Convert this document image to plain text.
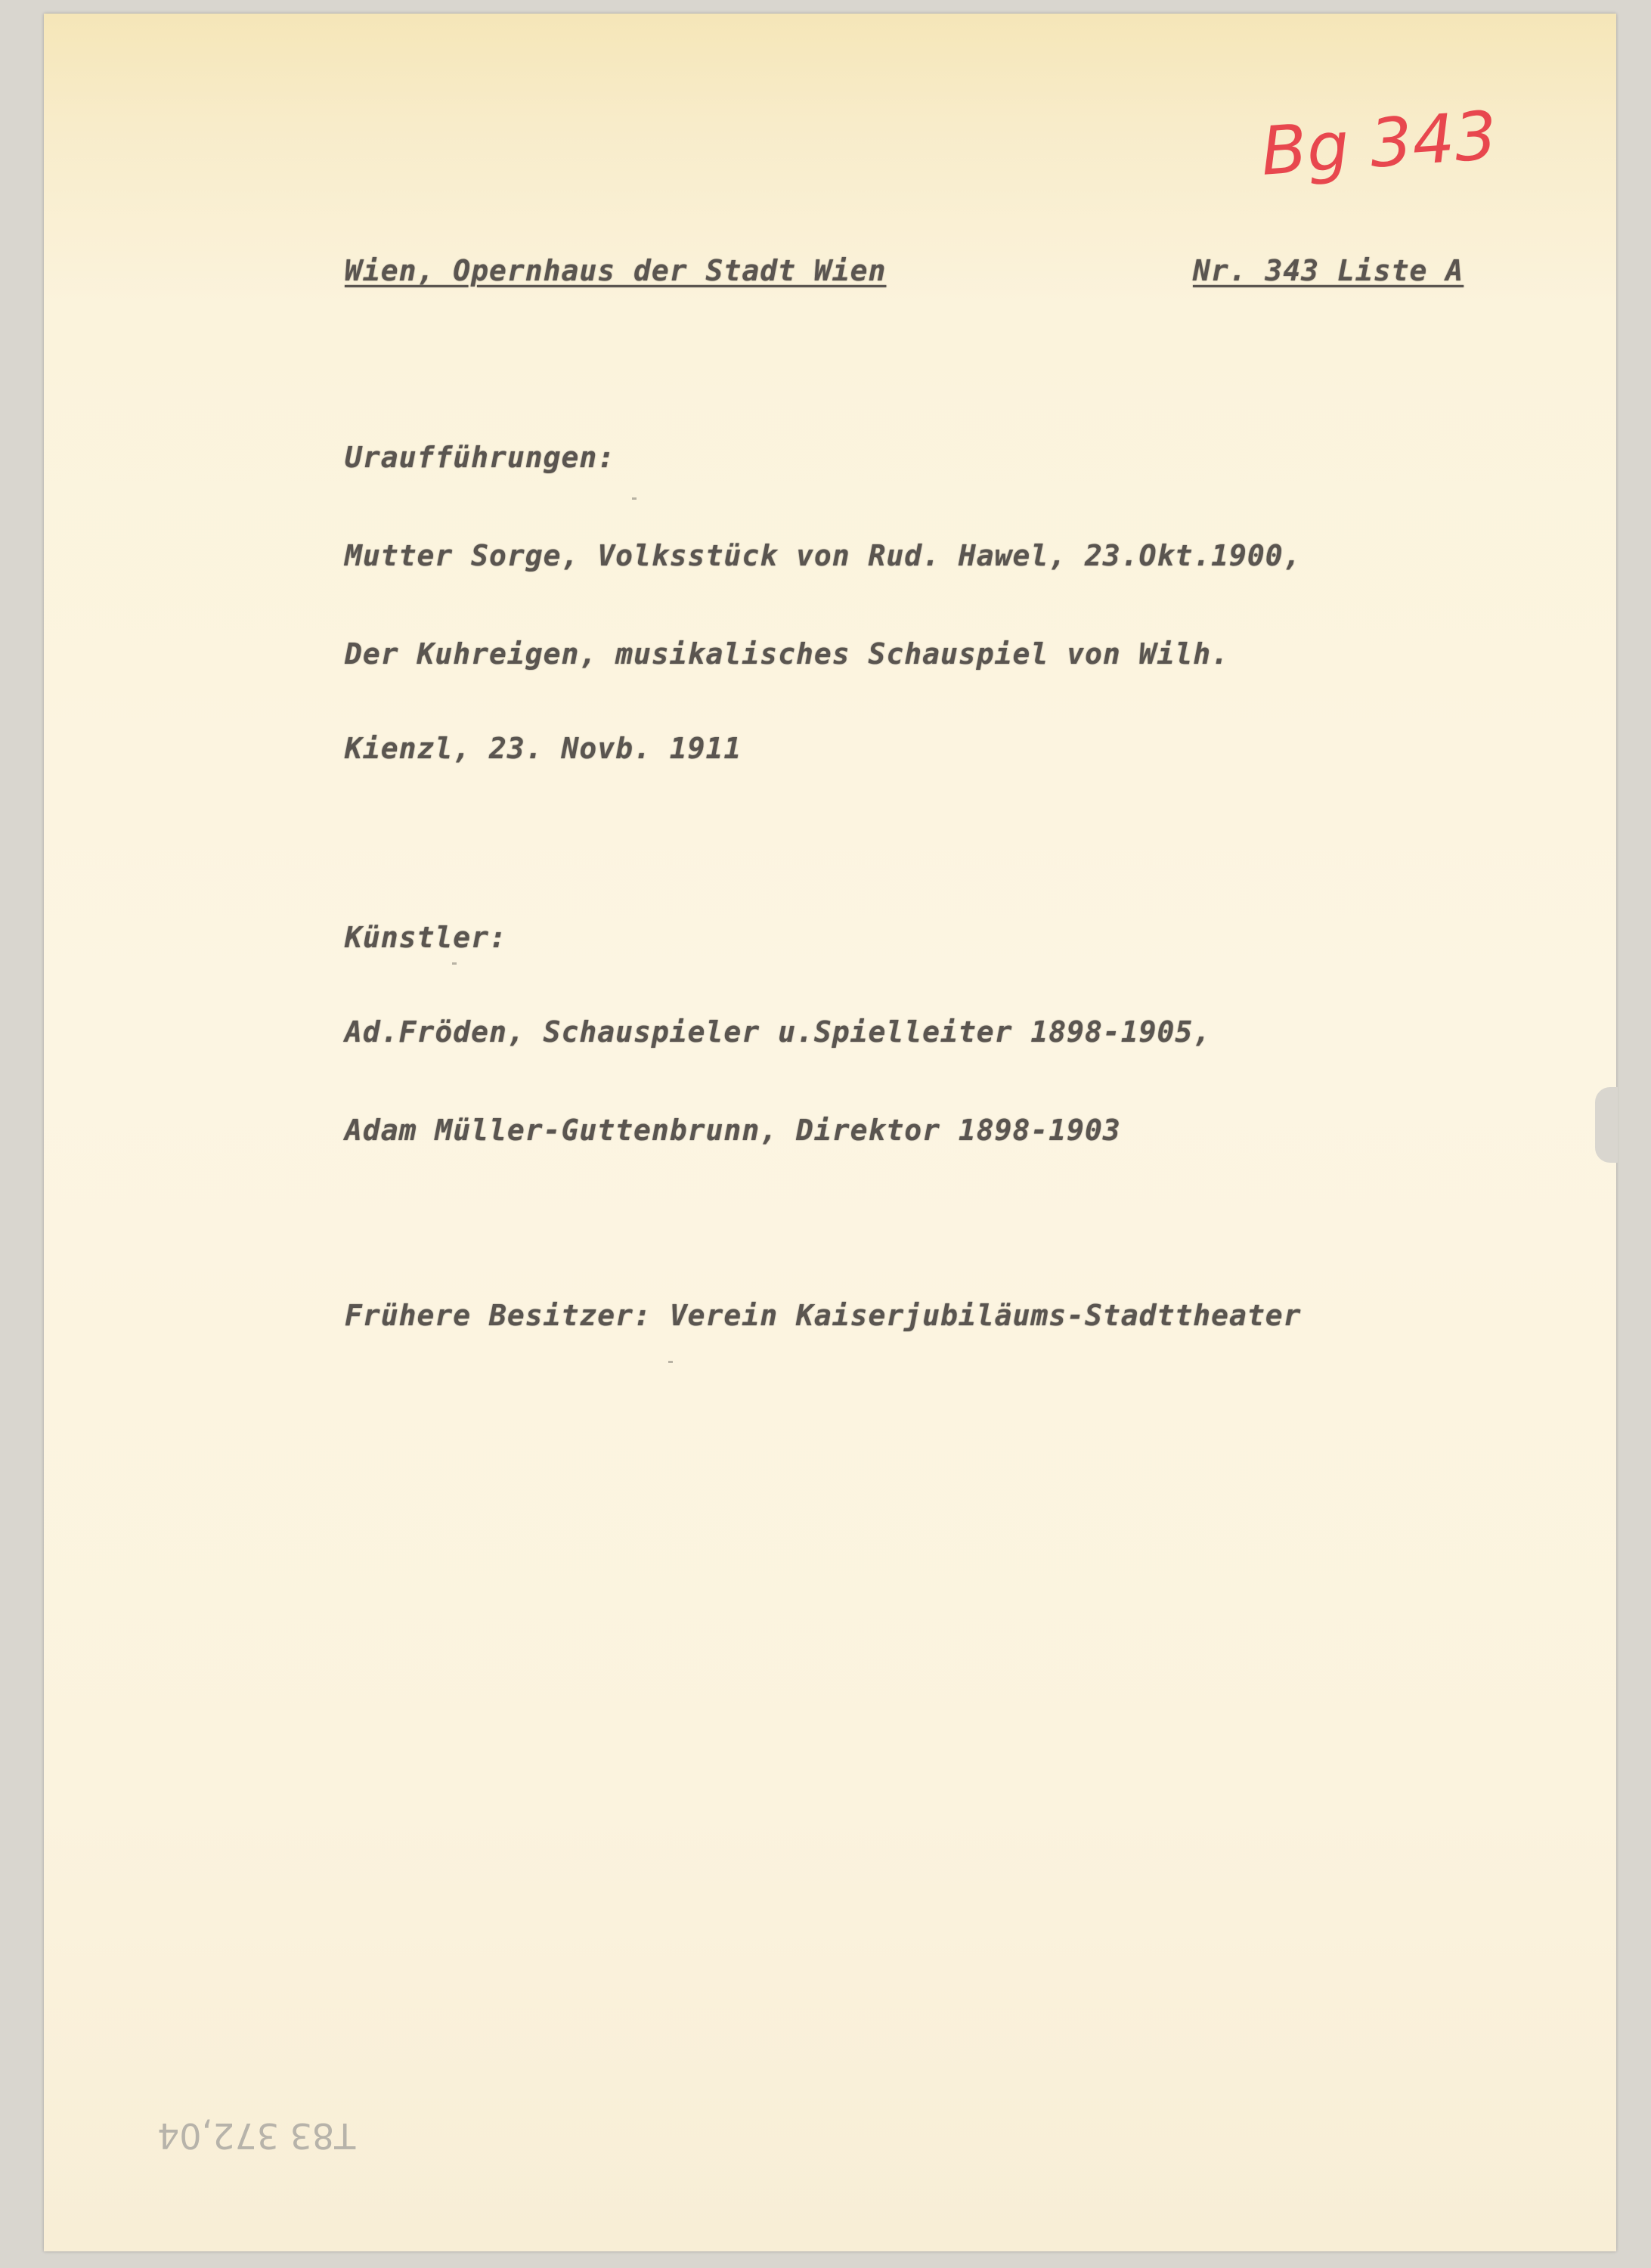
Bg 343
Wien, Opernhaus der Stadt Wien	Nr. 343 Liste A
Uraufführungen:
Mutter Sorge, Volksstück von Rud. Hawel, 23.Okt.1900,
Der Kuhreigen, musikalisches Schauspiel von Wilh.
Kienzl, 23. Novb. 1911
Künstler:
Ad.Fröden, Schauspieler u.Spielleiter 1898-1905,
Adam Müller-Guttenbrunn, Direktor 1898-1903
Frühere Besitzer: Verein Kaiserjubiläums-Stadttheater
T83 372,04
